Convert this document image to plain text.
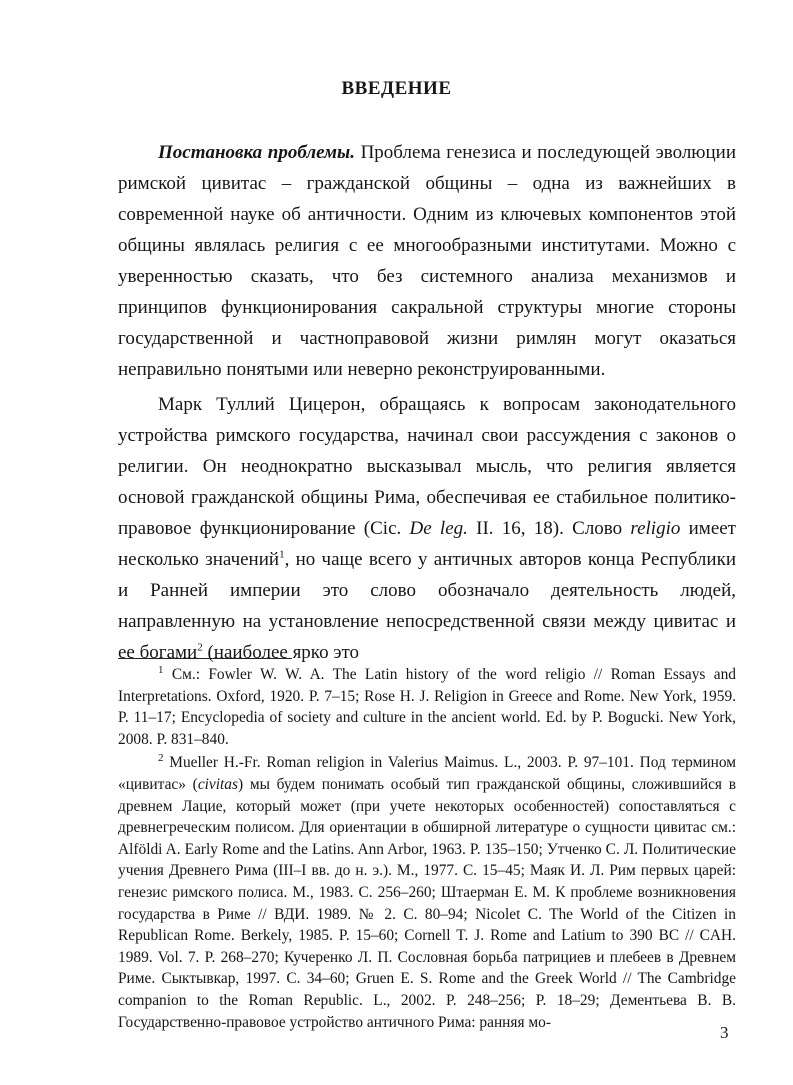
ВВЕДЕНИЕ

Постановка проблемы. Проблема генезиса и последующей эволюции римской цивитас – гражданской общины – одна из важнейших в современной науке об античности. Одним из ключевых компонентов этой общины являлась религия с ее многообразными институтами. Можно с уверенностью сказать, что без системного анализа механизмов и принципов функционирования сакральной структуры многие стороны государственной и частноправовой жизни римлян могут оказаться неправильно понятыми или неверно реконструированными.

Марк Туллий Цицерон, обращаясь к вопросам законодательного устройства римского государства, начинал свои рассуждения с законов о религии. Он неоднократно высказывал мысль, что религия является основой гражданской общины Рима, обеспечивая ее стабильное политико-правовое функционирование (Cic. De leg. II. 16, 18). Слово religio имеет несколько значений$^1$, но чаще всего у античных авторов конца Республики и Ранней империи это слово обозначало деятельность людей, направленную на установление непосредственной связи между цивитас и ее богами$^2$ (наиболее ярко это

$^1$ См.: Fowler W. W. A. The Latin history of the word religio // Roman Essays and Interpretations. Oxford, 1920. P. 7–15; Rose H. J. Religion in Greece and Rome. New York, 1959. P. 11–17; Encyclopedia of society and culture in the ancient world. Ed. by P. Bogucki. New York, 2008. P. 831–840.

$^2$ Mueller H.-Fr. Roman religion in Valerius Maimus. L., 2003. P. 97–101. Под термином «цивитас» (civitas) мы будем понимать особый тип гражданской общины, сложившийся в древнем Лацие, который может (при учете некоторых особенностей) сопоставляться с древнегреческим полисом. Для ориентации в обширной литературе о сущности цивитас см.: Alföldi A. Early Rome and the Latins. Ann Arbor, 1963. P. 135–150; Утченко С. Л. Политические учения Древнего Рима (III–I вв. до н. э.). М., 1977. С. 15–45; Маяк И. Л. Рим первых царей: генезис римского полиса. М., 1983. С. 256–260; Штаерман Е. М. К проблеме возникновения государства в Риме // ВДИ. 1989. № 2. С. 80–94; Nicolet C. The World of the Citizen in Republican Rome. Berkely, 1985. P. 15–60; Cornell T. J. Rome and Latium to 390 BC // CAH. 1989. Vol. 7. P. 268–270; Кучеренко Л. П. Сословная борьба патрициев и плебеев в Древнем Риме. Сыктывкар, 1997. С. 34–60; Gruen E. S. Rome and the Greek World // The Cambridge companion to the Roman Republic. L., 2002. P. 248–256; P. 18–29; Дементьева В. В. Государственно-правовое устройство античного Рима: ранняя мо-

3
